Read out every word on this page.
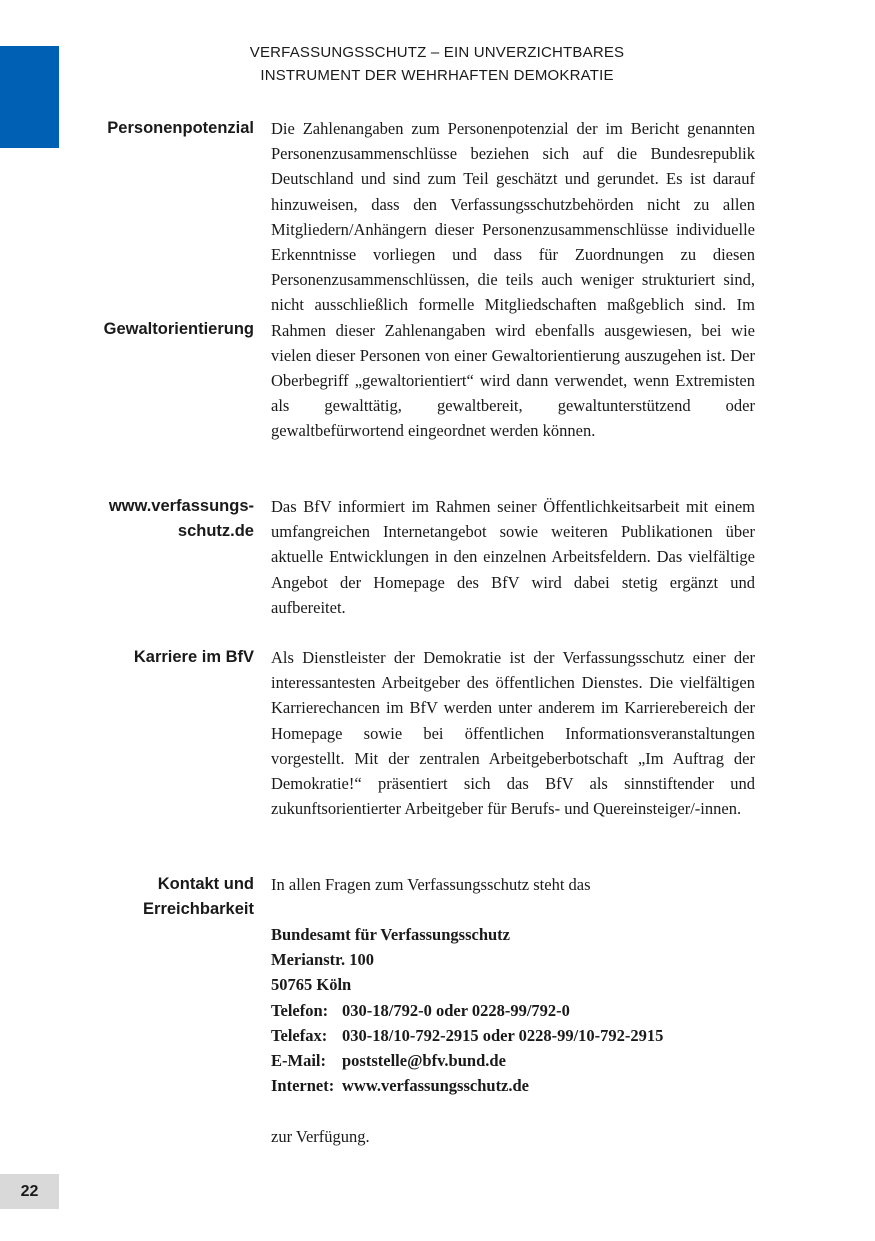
VERFASSUNGSSCHUTZ – EIN UNVERZICHTBARES
INSTRUMENT DER WEHRHAFTEN DEMOKRATIE
Personenpotenzial
Gewaltorientierung

Die Zahlenangaben zum Personenpotenzial der im Bericht genannten Personenzusammenschlüsse beziehen sich auf die Bundesrepublik Deutschland und sind zum Teil geschätzt und gerundet. Es ist darauf hinzuweisen, dass den Verfassungsschutzbehörden nicht zu allen Mitgliedern/Anhängern dieser Personenzusammenschlüsse individuelle Erkenntnisse vorliegen und dass für Zuordnungen zu diesen Personenzusammenschlüssen, die teils auch weniger strukturiert sind, nicht ausschließlich formelle Mitgliedschaften maßgeblich sind. Im Rahmen dieser Zahlenangaben wird ebenfalls ausgewiesen, bei wie vielen dieser Personen von einer Gewaltorientierung auszugehen ist. Der Oberbegriff „gewaltorientiert“ wird dann verwendet, wenn Extremisten als gewalttätig, gewaltbereit, gewaltunterstützend oder gewaltbefürwortend eingeordnet werden können.

www.verfassungs-
schutz.de

Das BfV informiert im Rahmen seiner Öffentlichkeitsarbeit mit einem umfangreichen Internetangebot sowie weiteren Publikationen über aktuelle Entwicklungen in den einzelnen Arbeitsfeldern. Das vielfältige Angebot der Homepage des BfV wird dabei stetig ergänzt und aufbereitet.

Karriere im BfV Als Dienstleister der Demokratie ist der Verfassungsschutz einer der interessantesten Arbeitgeber des öffentlichen Dienstes. Die vielfältigen Karrierechancen im BfV werden unter anderem im Karrierebereich der Homepage sowie bei öffentlichen Informationsveranstaltungen vorgestellt. Mit der zentralen Arbeitgeberbotschaft „Im Auftrag der Demokratie!“ präsentiert sich das BfV als sinnstiftender und zukunftsorientierter Arbeitgeber für Berufs- und Quereinsteiger/-innen.

Kontakt und
Erreichbarkeit
In allen Fragen zum Verfassungsschutz steht das
Bundesamt für Verfassungsschutz
Merianstr. 100
50765 Köln
Telefon: 030-18/792-0 oder 0228-99/792-0
Telefax: 030-18/10-792-2915 oder 0228-99/10-792-2915
E-Mail: poststelle@bfv.bund.de
Internet: www.verfassungsschutz.de
zur Verfügung.
22
